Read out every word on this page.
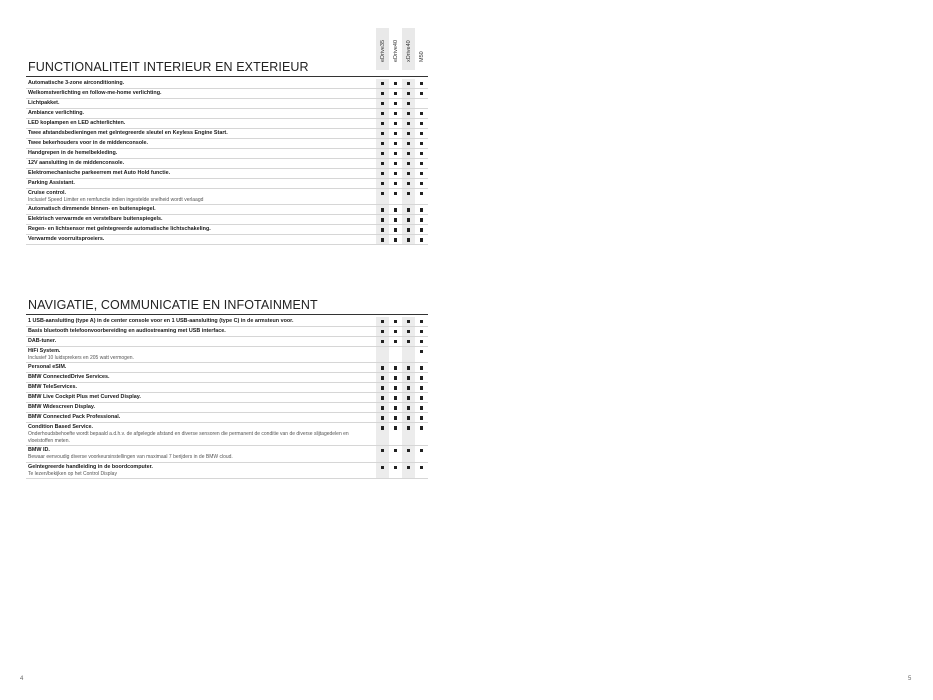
eDrive35 eDrive40 xDrive40 M50
FUNCTIONALITEIT INTERIEUR EN EXTERIEUR
Automatische 3-zone airconditioning.
Welkomstverlichting en follow-me-home verlichting.
Lichtpakket.
Ambiance verlichting.
LED koplampen en LED achterlichten.
Twee afstandsbedieningen met geïntegreerde sleutel en Keyless Engine Start.
Twee bekerhouders voor in de middenconsole.
Handgrepen in de hemelbekleding.
12V aansluiting in de middenconsole.
Elektromechanische parkeerrem met Auto Hold functie.
Parking Assistant.
Cruise control.
Inclusief Speed Limiter en remfunctie indien ingestelde snelheid wordt verlaagd
Automatisch dimmende binnen- en buitenspiegel.
Elektrisch verwarmde en verstelbare buitenspiegels.
Regen- en lichtsensor met geïntegreerde automatische lichtschakeling.
Verwarmde voorruitsproeiers.
NAVIGATIE, COMMUNICATIE EN INFOTAINMENT
1 USB-aansluiting (type A) in de center console voor en 1 USB-aansluiting (type C) in de armsteun voor.
Basis bluetooth telefoonvoorbereiding en audiostreaming met USB interface.
DAB-tuner.
HiFi System.
Inclusief 10 luidsprekers en 205 watt vermogen.
Personal eSIM.
BMW ConnectedDrive Services.
BMW TeleServices.
BMW Live Cockpit Plus met Curved Display.
BMW Widescreen Display.
BMW Connected Pack Professional.
Condition Based Service.
Onderhoudsbehoefte wordt bepaald a.d.h.v. de afgelegde afstand en diverse sensoren die permanent de conditie van de diverse slijtagedelen en vloeistoffen meten.
BMW ID.
Bewaar eenvoudig diverse voorkeursinstellingen van maximaal 7 berijders in de BMW cloud.
Geïntegreerde handleiding in de boordcomputer.
Te lezen/bekijken op het Control Display
4	5
